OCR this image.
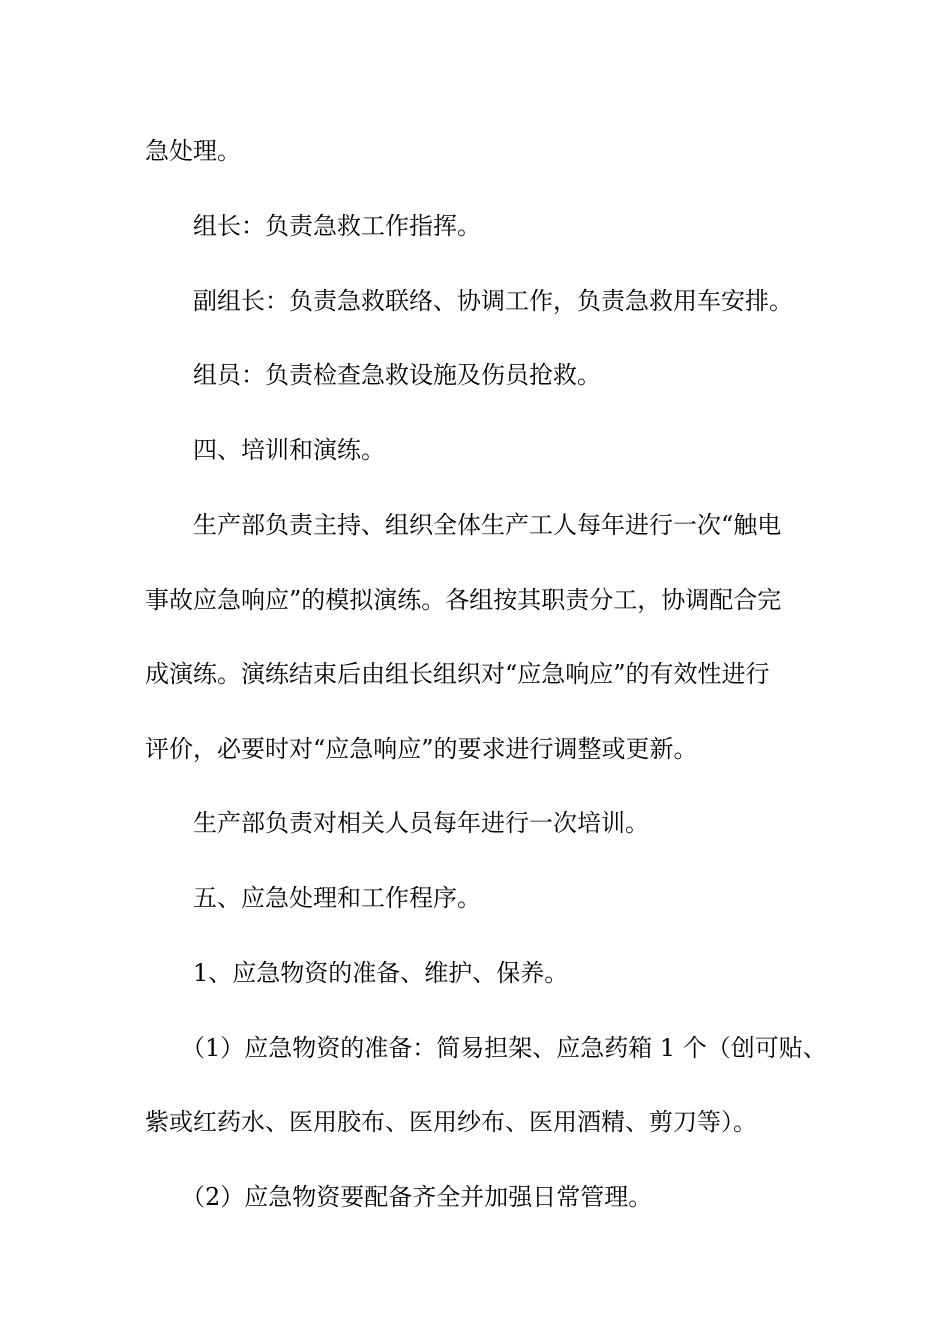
急处理。
组长：负责急救工作指挥。
副组长：负责急救联络、协调工作，负责急救用车安排。
组员：负责检查急救设施及伤员抢救。
四、培训和演练。
生产部负责主持、组织全体生产工人每年进行一次“触电
事故应急响应”的模拟演练。各组按其职责分工，协调配合完
成演练。演练结束后由组长组织对“应急响应”的有效性进行
评价，必要时对“应急响应”的要求进行调整或更新。
生产部负责对相关人员每年进行一次培训。
五、应急处理和工作程序。
1、应急物资的准备、维护、保养。
（1）应急物资的准备：简易担架、应急药箱 1 个（创可贴、
紫或红药水、医用胶布、医用纱布、医用酒精、剪刀等）。
（2）应急物资要配备齐全并加强日常管理。
